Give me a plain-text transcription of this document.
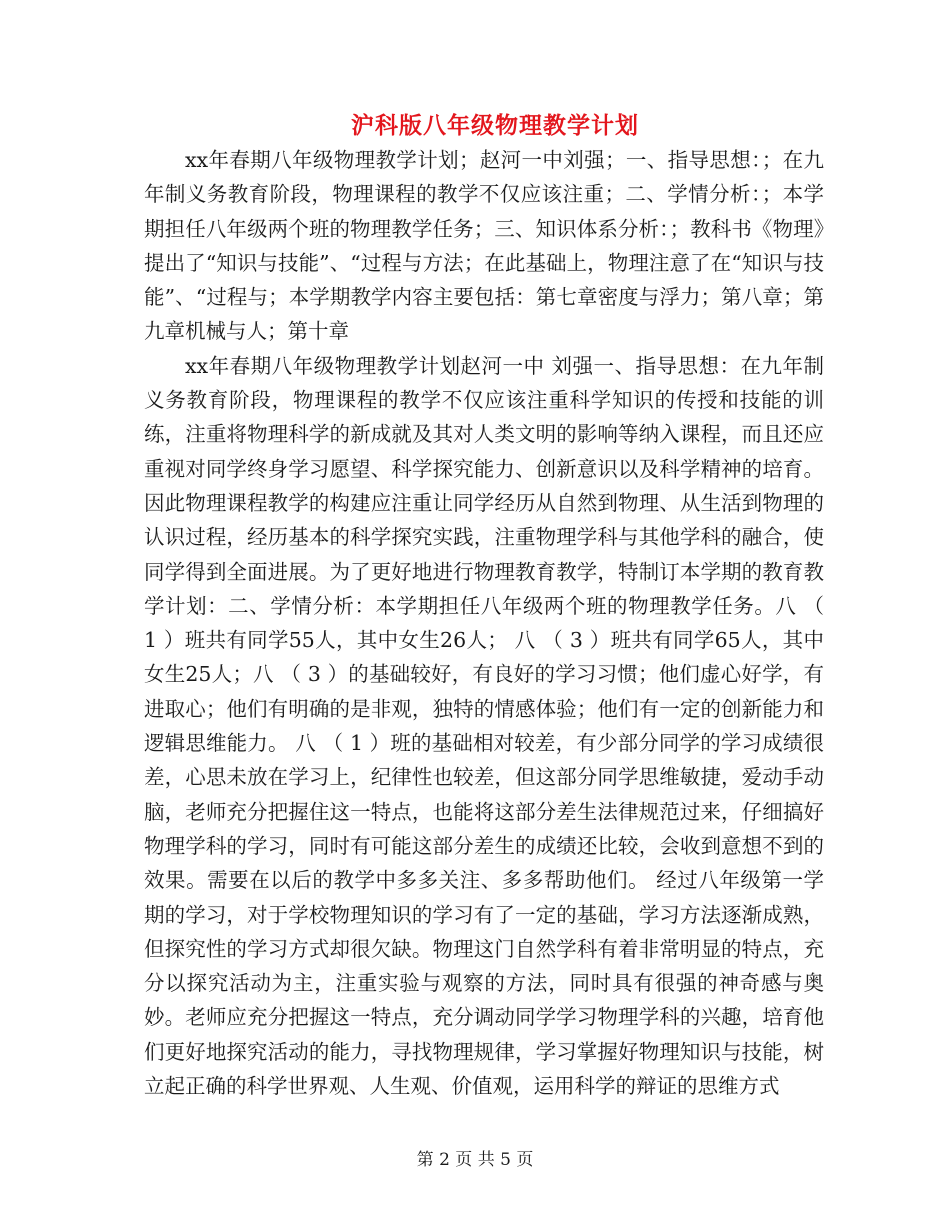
沪科版八年级物理教学计划

xx年春期八年级物理教学计划；赵河一中刘强；一、指导思想：；在九年制义务教育阶段，物理课程的教学不仅应该注重；二、学情分析：；本学期担任八年级两个班的物理教学任务；三、知识体系分析：；教科书《物理》提出了“知识与技能”、“过程与方法；在此基础上，物理注意了在“知识与技能”、“过程与；本学期教学内容主要包括：第七章密度与浮力；第八章；第九章机械与人；第十章

xx年春期八年级物理教学计划赵河一中 刘强一、指导思想：在九年制义务教育阶段，物理课程的教学不仅应该注重科学知识的传授和技能的训练，注重将物理科学的新成就及其对人类文明的影响等纳入课程，而且还应重视对同学终身学习愿望、科学探究能力、创新意识以及科学精神的培育。因此物理课程教学的构建应注重让同学经历从自然到物理、从生活到物理的认识过程，经历基本的科学探究实践，注重物理学科与其他学科的融合，使同学得到全面进展。为了更好地进行物理教育教学，特制订本学期的教育教学计划：二、学情分析：本学期担任八年级两个班的物理教学任务。八 （ 1 ）班共有同学55人，其中女生26人； 八 （ 3 ）班共有同学65人，其中女生25人；八 （ 3 ）的基础较好，有良好的学习习惯；他们虚心好学，有进取心；他们有明确的是非观，独特的情感体验；他们有一定的创新能力和逻辑思维能力。 八 （ 1 ）班的基础相对较差，有少部分同学的学习成绩很差，心思未放在学习上，纪律性也较差，但这部分同学思维敏捷，爱动手动脑，老师充分把握住这一特点，也能将这部分差生法律规范过来，仔细搞好物理学科的学习，同时有可能这部分差生的成绩还比较，会收到意想不到的效果。需要在以后的教学中多多关注、多多帮助他们。 经过八年级第一学期的学习，对于学校物理知识的学习有了一定的基础，学习方法逐渐成熟，但探究性的学习方式却很欠缺。物理这门自然学科有着非常明显的特点，充分以探究活动为主，注重实验与观察的方法，同时具有很强的神奇感与奥妙。老师应充分把握这一特点，充分调动同学学习物理学科的兴趣，培育他们更好地探究活动的能力，寻找物理规律，学习掌握好物理知识与技能，树立起正确的科学世界观、人生观、价值观，运用科学的辩证的思维方式

第 2 页 共 5 页
